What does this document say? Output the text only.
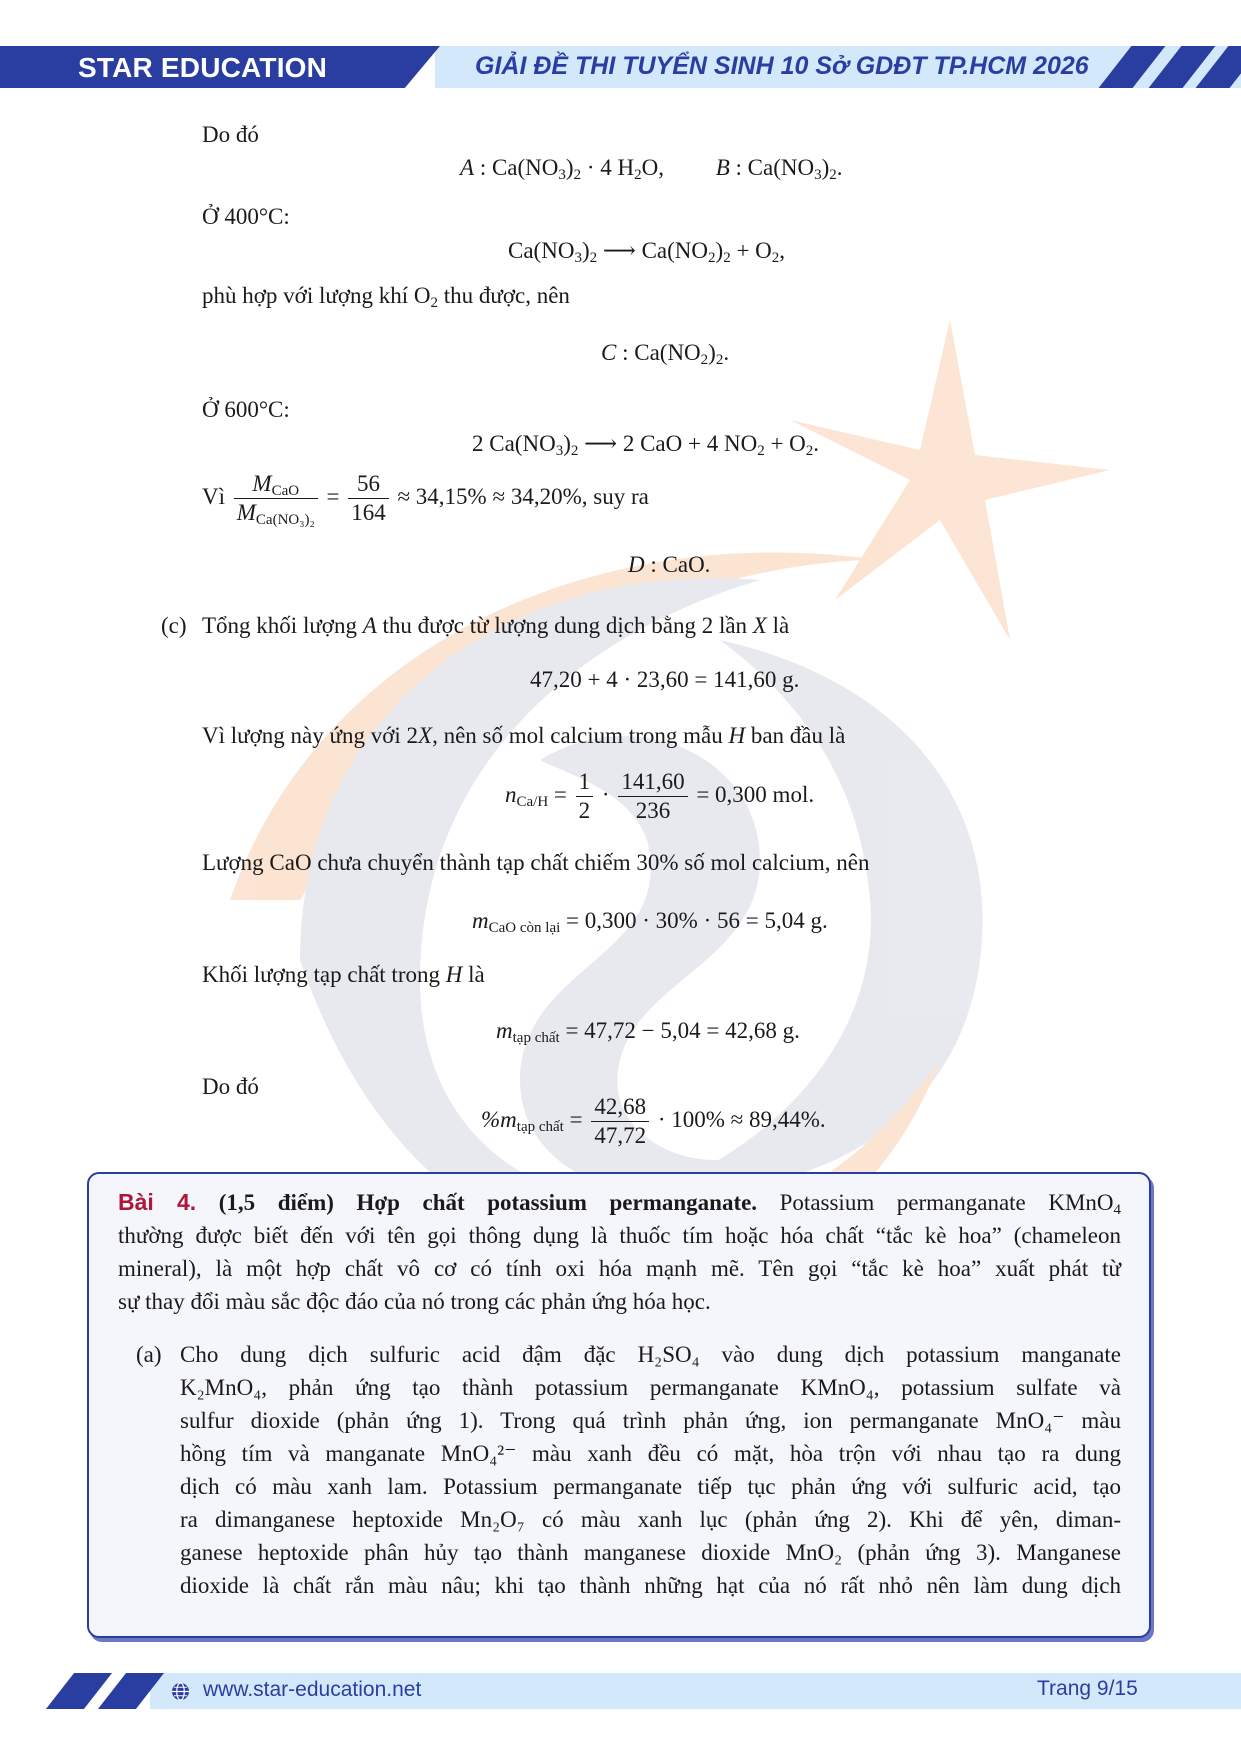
STAR EDUCATION	GIẢI ĐỀ THI TUYỂN SINH 10 Sở GDĐT TP.HCM 2026
Do đó
A : $Ca(NO_3)_2 \cdot 4$ $H_2O$, B : $Ca(NO_3)_2$.
Ở 400°C:
$Ca(NO_3)_2$ ⟶ $Ca(NO_2)_2 + O_2$,
phù hợp với lượng khí $O_2$ thu được, nên
C : $Ca(NO_2)_2$.
Ở 600°C:
2 $Ca(NO_3)_2$ ⟶ 2 CaO + 4 $NO_2 + O_2$.
Vì $\frac{M_{CaO}}{M_{Ca(NO_3)_2}} = \frac{56}{164} \approx 34,15\% \approx 34,20\%$, suy ra
D : CaO.
(c) Tổng khối lượng A thu được từ lượng dung dịch bằng 2 lần X là
47,20 + 4 · 23,60 = 141,60 g.
Vì lượng này ứng với 2X, nên số mol calcium trong mẫu H ban đầu là
$n_{Ca/H} = \frac{1}{2} \cdot \frac{141,60}{236} = 0,300$ mol.
Lượng CaO chưa chuyển thành tạp chất chiếm 30% số mol calcium, nên
$m_{CaO còn lại} = 0,300 \cdot 30\% \cdot 56 = 5,04$ g.
Khối lượng tạp chất trong H là
$m_{tạp chất} = 47,72 - 5,04 = 42,68$ g.
Do đó
$\%m_{tạp chất} = \frac{42,68}{47,72} \cdot 100\% \approx 89,44\%$.
Bài 4. (1,5 điểm) Hợp chất potassium permanganate. Potassium permanganate KMnO$_4$
thường được biết đến với tên gọi thông dụng là thuốc tím hoặc hóa chất “tắc kè hoa” (chameleon
mineral), là một hợp chất vô cơ có tính oxi hóa mạnh mẽ. Tên gọi “tắc kè hoa” xuất phát từ
sự thay đổi màu sắc độc đáo của nó trong các phản ứng hóa học.
(a) Cho dung dịch sulfuric acid đậm đặc H₂SO₄ vào dung dịch potassium manganate
K₂MnO₄, phản ứng tạo thành potassium permanganate KMnO₄, potassium sulfate và
sulfur dioxide (phản ứng 1). Trong quá trình phản ứng, ion permanganate MnO₄⁻ màu
hồng tím và manganate MnO₄²⁻ màu xanh đều có mặt, hòa trộn với nhau tạo ra dung
dịch có màu xanh lam. Potassium permanganate tiếp tục phản ứng với sulfuric acid, tạo
ra dimanganese heptoxide Mn₂O₇ có màu xanh lục (phản ứng 2). Khi để yên, diman-
ganese heptoxide phân hủy tạo thành manganese dioxide MnO₂ (phản ứng 3). Manganese
dioxide là chất rắn màu nâu; khi tạo thành những hạt của nó rất nhỏ nên làm dung dịch
www.star-education.net	Trang 9/15
